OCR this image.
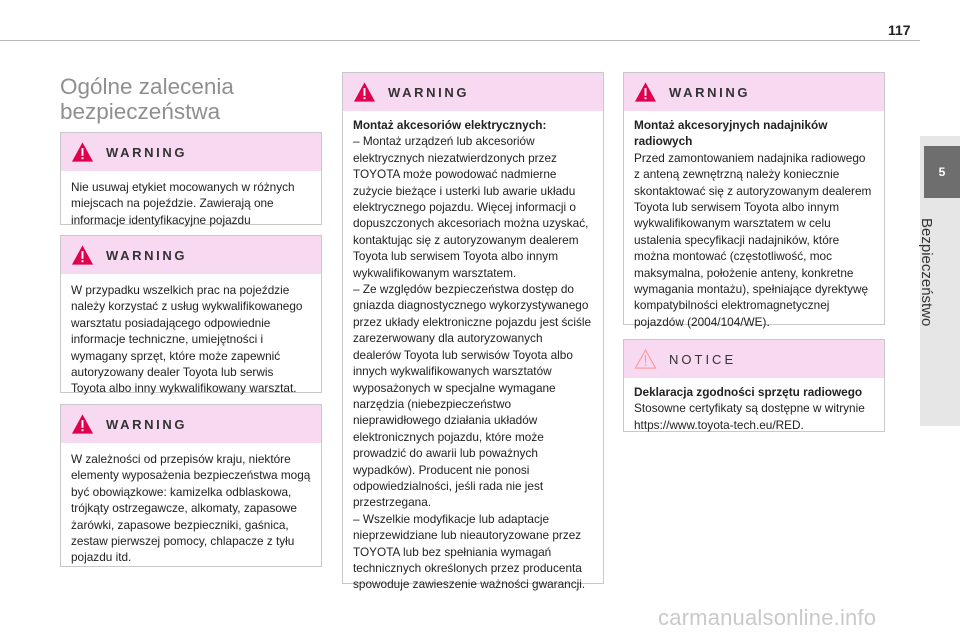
117
5
Bezpieczeństwo
Ogólne zalecenia bezpieczeństwa
WARNING

Nie usuwaj etykiet mocowanych w różnych miejscach na pojeździe. Zawierają one informacje identyfikacyjne pojazdu

WARNING

W przypadku wszelkich prac na pojeździe należy korzystać z usług wykwalifikowanego warsztatu posiadającego odpowiednie informacje techniczne, umiejętności i wymagany sprzęt, które może zapewnić autoryzowany dealer Toyota lub serwis Toyota albo inny wykwalifikowany warsztat.

WARNING

W zależności od przepisów kraju, niektóre elementy wyposażenia bezpieczeństwa mogą być obowiązkowe: kamizelka odblaskowa, trójkąty ostrzegawcze, alkomaty, zapasowe żarówki, zapasowe bezpieczniki, gaśnica, zestaw pierwszej pomocy, chlapacze z tyłu pojazdu itd.

WARNING

Montaż akcesoriów elektrycznych:

– Montaż urządzeń lub akcesoriów elektrycznych niezatwierdzonych przez TOYOTA może powodować nadmierne zużycie bieżące i usterki lub awarie układu elektrycznego pojazdu. Więcej informacji o dopuszczonych akcesoriach można uzyskać, kontaktując się z autoryzowanym dealerem Toyota lub serwisem Toyota albo innym wykwalifikowanym warsztatem.

– Ze względów bezpieczeństwa dostęp do gniazda diagnostycznego wykorzystywanego przez układy elektroniczne pojazdu jest ściśle zarezerwowany dla autoryzowanych dealerów Toyota lub serwisów Toyota albo innych wykwalifikowanych warsztatów wyposażonych w specjalne wymagane narzędzia (niebezpieczeństwo nieprawidłowego działania układów elektronicznych pojazdu, które może prowadzić do awarii lub poważnych wypadków). Producent nie ponosi odpowiedzialności, jeśli rada nie jest przestrzegana.

– Wszelkie modyfikacje lub adaptacje nieprzewidziane lub nieautoryzowane przez TOYOTA lub bez spełniania wymagań technicznych określonych przez producenta spowoduje zawieszenie ważności gwarancji.

WARNING

Montaż akcesoryjnych nadajników radiowych

Przed zamontowaniem nadajnika radiowego z anteną zewnętrzną należy koniecznie skontaktować się z autoryzowanym dealerem Toyota lub serwisem Toyota albo innym wykwalifikowanym warsztatem w celu ustalenia specyfikacji nadajników, które można montować (częstotliwość, moc maksymalna, położenie anteny, konkretne wymagania montażu), spełniające dyrektywę kompatybilności elektromagnetycznej pojazdów (2004/104/WE).

NOTICE

Deklaracja zgodności sprzętu radiowego

Stosowne certyfikaty są dostępne w witrynie https://www.toyota-tech.eu/RED.

carmanualsonline.info
